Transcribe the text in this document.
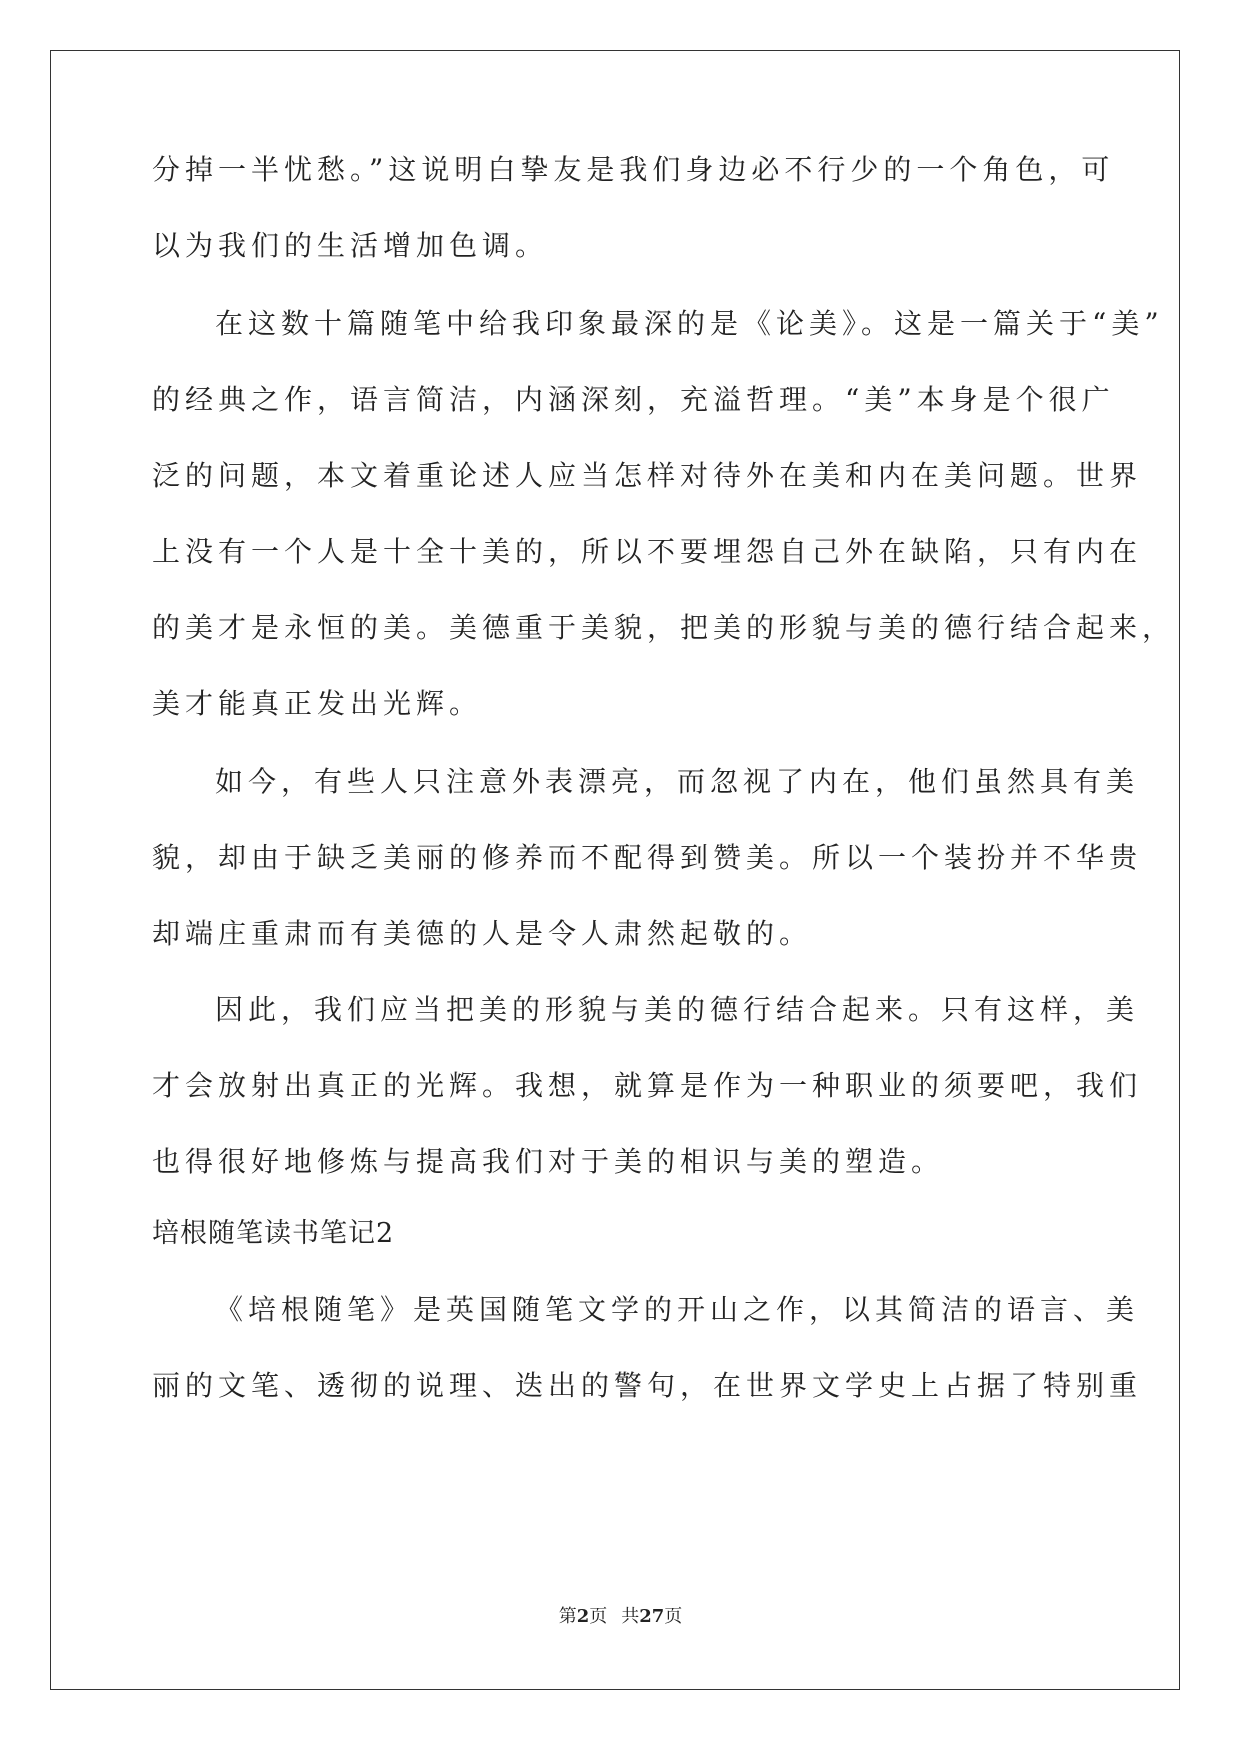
分掉一半忧愁。”这说明白挚友是我们身边必不行少的一个角色，可
以为我们的生活增加色调。
在这数十篇随笔中给我印象最深的是《论美》。这是一篇关于“美”
的经典之作，语言简洁，内涵深刻，充溢哲理。“美”本身是个很广
泛的问题，本文着重论述人应当怎样对待外在美和内在美问题。世界
上没有一个人是十全十美的，所以不要埋怨自己外在缺陷，只有内在
的美才是永恒的美。美德重于美貌，把美的形貌与美的德行结合起来，
美才能真正发出光辉。
如今，有些人只注意外表漂亮，而忽视了内在，他们虽然具有美
貌，却由于缺乏美丽的修养而不配得到赞美。所以一个装扮并不华贵
却端庄重肃而有美德的人是令人肃然起敬的。
因此，我们应当把美的形貌与美的德行结合起来。只有这样，美
才会放射出真正的光辉。我想，就算是作为一种职业的须要吧，我们
也得很好地修炼与提高我们对于美的相识与美的塑造。
培根随笔读书笔记2
《培根随笔》是英国随笔文学的开山之作，以其简洁的语言、美
丽的文笔、透彻的说理、迭出的警句，在世界文学史上占据了特别重
第2页 共27页
